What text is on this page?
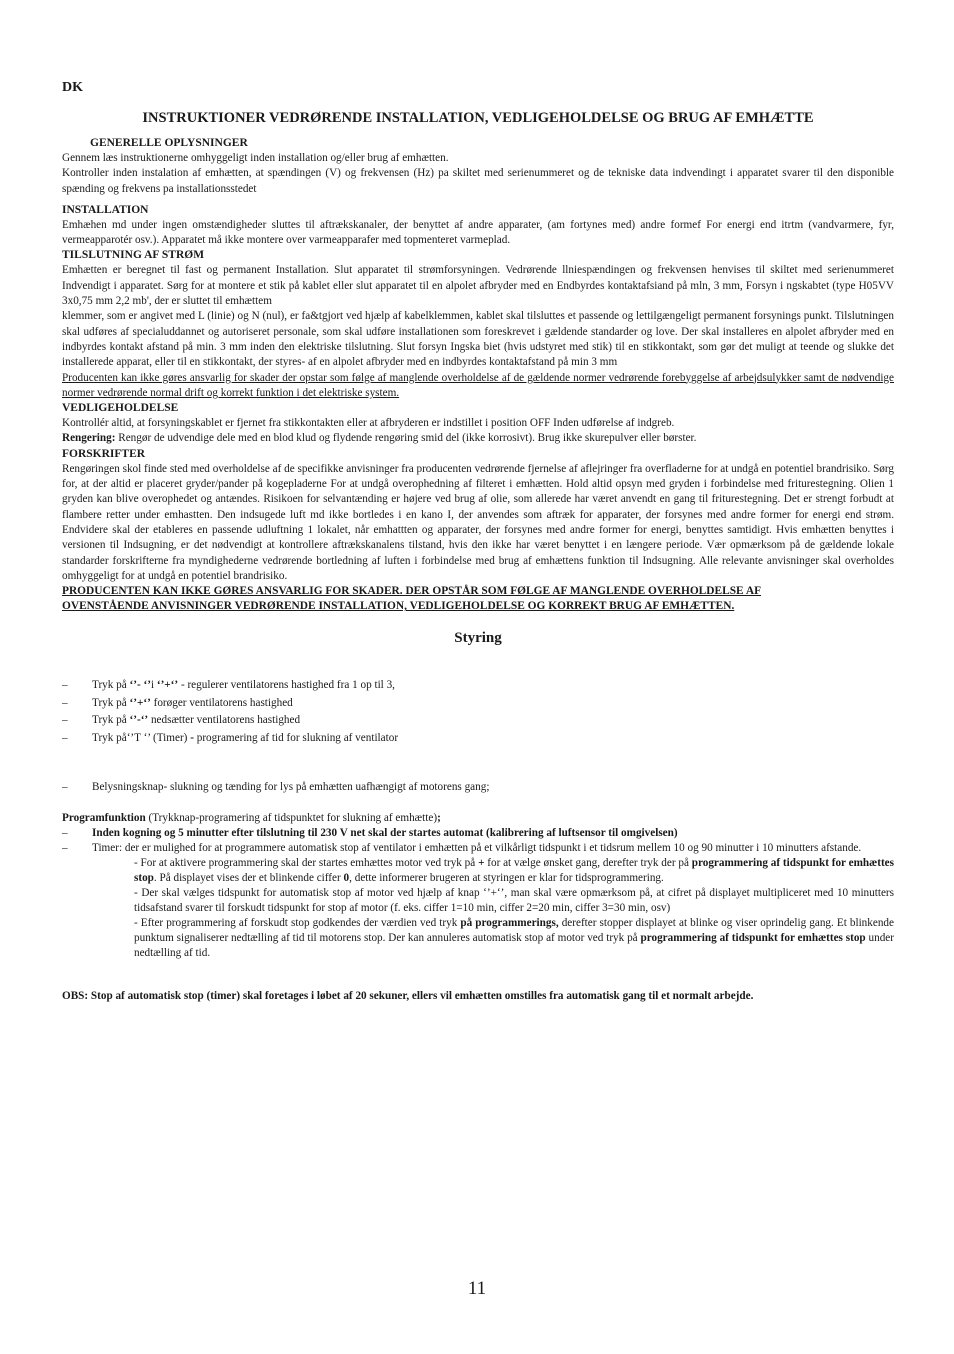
DK
INSTRUKTIONER VEDRØRENDE INSTALLATION, VEDLIGEHOLDELSE OG BRUG AF EMHÆTTE
GENERELLE OPLYSNINGER

Gennem læs instruktionerne omhyggeligt inden installation og/eller brug af emhætten.

Kontroller inden instalation af emhætten, at spændingen (V) og frekvensen (Hz) pa skiltet med serienummeret og de tekniske data indvendingt i apparatet svarer til den disponible spænding og frekvens pa installationsstedet

INSTALLATION

Emhæhen md under ingen omstændigheder sluttes til aftrækskanaler, der benyttet af andre apparater, (am fortynes med) andre formef For energi end itrtm (vandvarmere, fyr, vermeapparotér osv.). Apparatet må ikke montere over varmeapparafer med topmenteret varmeplad.

TILSLUTNING AF STRØM

Emhætten er beregnet til fast og permanent Installation. Slut apparatet til strømforsyningen. Vedrørende llniespændingen og frekvensen henvises til skiltet med serienummeret Indvendigt i apparatet. Sørg for at montere et stik på kablet eller slut apparatet til en alpolet afbryder med en Endbyrdes kontaktafsiand på mln, 3 mm, Forsyn i ngskabtet (type H05VV 3x0,75 mm 2,2 mb', der er sluttet til emhættem

klemmer, som er angivet med L (linie) og N (nul), er fa&tgjort ved hjælp af kabelklemmen, kablet skal tilsluttes et passende og lettilgængeligt permanent forsynings punkt. Tilslutningen skal udføres af specialuddannet og autoriseret personale, som skal udføre installationen som foreskrevet i gældende standarder og love. Der skal installeres en alpolet afbryder med en indbyrdes kontakt afstand på min. 3 mm inden den elektriske tilslutning. Slut forsyn Ingska biet (hvis udstyret med stik) til en stikkontakt, som gør det muligt at teende og slukke det installerede apparat, eller til en stikkontakt, der styres- af en alpolet afbryder med en indbyrdes kontaktafstand på min 3 mm

Producenten kan ikke gøres ansvarlig for skader der opstar som følge af manglende overholdelse af de gældende normer vedrørende forebyggelse af arbejdsulykker samt de nødvendige normer vedrørende normal drift og korrekt funktion i det elektriske system.

VEDLIGEHOLDELSE

Kontrollér altid, at forsyningskablet er fjernet fra stikkontakten eller at afbryderen er indstillet i position OFF Inden udførelse af indgreb.

Rengering: Rengør de udvendige dele med en blod klud og flydende rengøring smid del (ikke korrosivt). Brug ikke skurepulver eller børster.

FORSKRIFTER

Rengøringen skol finde sted med overholdelse af de specifikke anvisninger fra producenten vedrørende fjernelse af aflejringer fra overfladerne for at undgå en potentiel brandrisiko. Sørg for, at der altid er placeret gryder/pander på kogepladerne For at undgå overophedning af filteret i emhætten. Hold altid opsyn med gryden i forbindelse med friturestegning. Olien 1 gryden kan blive overophedet og antændes. Risikoen for selvantænding er højere ved brug af olie, som allerede har været anvendt en gang til friturestegning. Det er strengt forbudt at flambere retter under emhastten. Den indsugede luft md ikke bortledes i en kano I, der anvendes som aftræk for apparater, der forsynes med andre former for energi end strøm. Endvidere skal der etableres en passende udluftning 1 lokalet, når emhattten og apparater, der forsynes med andre former for energi, benyttes samtidigt. Hvis emhætten benyttes i versionen til Indsugning, er det nødvendigt at kontrollere aftrækskanalens tilstand, hvis den ikke har været benyttet i en længere periode. Vær opmærksom på de gældende lokale standarder forskrifterne fra myndighederne vedrørende bortledning af luften i forbindelse med brug af emhættens funktion til Indsugning. Alle relevante anvisninger skal overholdes omhyggeligt for at undgå en potentiel brandrisiko.

PRODUCENTEN KAN IKKE GØRES ANSVARLIG FOR SKADER. DER OPSTÅR SOM FØLGE AF MANGLENDE OVERHOLDELSE AF
OVENSTÅENDE ANVISNINGER VEDRØRENDE INSTALLATION, VEDLIGEHOLDELSE OG KORREKT BRUG AF EMHÆTTEN.
Styring
– Tryk på ‘’- ‘’i ‘’+‘’ - regulerer ventilatorens hastighed fra 1 op til 3,
– Tryk på ‘’+‘’ forøger ventilatorens hastighed
– Tryk på ‘’-‘’ nedsætter ventilatorens hastighed
– Tryk på‘’T ‘’ (Timer) - programering af tid for slukning af ventilator
– Belysningsknap- slukning og tænding for lys på emhætten uafhængigt af motorens gang;

Programfunktion (Trykknap-programering af tidspunktet for slukning af emhætte);

– Inden kogning og 5 minutter efter tilslutning til 230 V net skal der startes automat (kalibrering af luftsensor til omgivelsen)
– Timer: der er mulighed for at programmere automatisk stop af ventilator i emhætten på et vilkårligt tidspunkt i et tidsrum mellem 10 og 90 minutter i 10 minutters afstande.

- For at aktivere programmering skal der startes emhættes motor ved tryk på + for at vælge ønsket gang, derefter tryk der på programmering af tidspunkt for emhættes stop. På displayet vises der et blinkende ciffer 0, dette informerer brugeren at styringen er klar for tidsprogrammering.

- Der skal vælges tidspunkt for automatisk stop af motor ved hjælp af knap ‘’+‘’, man skal være opmærksom på, at cifret på displayet multipliceret med 10 minutters tidsafstand svarer til forskudt tidspunkt for stop af motor (f. eks. ciffer 1=10 min, ciffer 2=20 min, ciffer 3=30 min, osv)

- Efter programmering af forskudt stop godkendes der værdien ved tryk på programmerings, derefter stopper displayet at blinke og viser oprindelig gang. Et blinkende punktum signaliserer nedtælling af tid til motorens stop. Der kan annuleres automatisk stop af motor ved tryk på programmering af tidspunkt for emhættes stop under nedtælling af tid.

OBS: Stop af automatisk stop (timer) skal foretages i løbet af 20 sekuner, ellers vil emhætten omstilles fra automatisk gang til et normalt arbejde.
11
